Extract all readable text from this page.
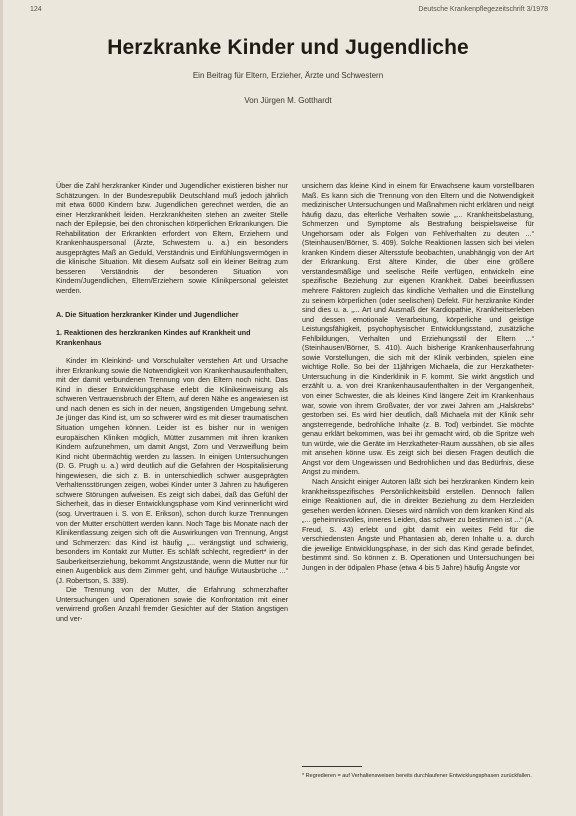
124	Deutsche Krankenpflegezeitschrift 3/1978
Herzkranke Kinder und Jugendliche
Ein Beitrag für Eltern, Erzieher, Ärzte und Schwestern
Von Jürgen M. Gotthardt

Über die Zahl herzkranker Kinder und Jugendlicher existieren bisher nur Schätzungen. In der Bundesrepublik Deutschland muß jedoch jährlich mit etwa 6000 Kindern bzw. Jugendlichen gerechnet werden, die an einer Herzkrankheit leiden. Herzkrankheiten stehen an zweiter Stelle nach der Epilepsie, bei den chronischen körperlichen Erkrankungen. Die Rehabilitation der Erkrankten erfordert von Eltern, Erziehern und Krankenhauspersonal (Ärzte, Schwestern u. a.) ein besonders ausgeprägtes Maß an Geduld, Verständnis und Einfühlungsvermögen in die klinische Situation. Mit diesem Aufsatz soll ein kleiner Beitrag zum besseren Verständnis der besonderen Situation von Kindern/Jugendlichen, Eltern/Erziehern sowie Klinikpersonal geleistet werden.

A. Die Situation herzkranker Kinder und Jugendlicher
1. Reaktionen des herzkranken Kindes auf Krankheit und Krankenhaus

Kinder im Kleinkind- und Vorschulalter verstehen Art und Ursache ihrer Erkrankung sowie die Notwendigkeit von Krankenhausaufenthalten, mit der damit verbundenen Trennung von den Eltern noch nicht. Das Kind in dieser Entwicklungsphase erlebt die Klinikeinweisung als schweren Vertrauensbruch der Eltern, auf deren Nähe es angewiesen ist und nach denen es sich in der neuen, ängstigenden Umgebung sehnt. Je jünger das Kind ist, um so schwerer wird es mit dieser traumatischen Situation umgehen können. Leider ist es bisher nur in wenigen europäischen Kliniken möglich, Mütter zusammen mit ihren kranken Kindern aufzunehmen, um damit Angst, Zorn und Verzweiflung beim Kind nicht übermächtig werden zu lassen. In einigen Untersuchungen (D. G. Prugh u. a.) wird deutlich auf die Gefahren der Hospitalisierung hingewiesen, die sich z. B. in unterschiedlich schwer ausgeprägten Verhaltensstörungen zeigen, wobei Kinder unter 3 Jahren zu häufigeren schwere Störungen aufweisen. Es zeigt sich dabei, daß das Gefühl der Sicherheit, das in dieser Entwicklungsphase vom Kind verinnerlicht wird (sog. Urvertrauen i. S. von E. Erikson), schon durch kurze Trennungen von der Mutter erschüttert werden kann. Noch Tage bis Monate nach der Klinikentlassung zeigen sich oft die Auswirkungen von Trennung, Angst und Schmerzen: das Kind ist häufig „... verängstigt und schwierig, besonders im Kontakt zur Mutter. Es schläft schlecht, regrediert* in der Sauberkeitserziehung, bekommt Angstzustände, wenn die Mutter nur für einen Augenblick aus dem Zimmer geht, und häufige Wutausbrüche ...“ (J. Robertson, S. 339).

Die Trennung von der Mutter, die Erfahrung schmerzhafter Untersuchungen und Operationen sowie die Konfrontation mit einer verwirrend großen Anzahl fremder Gesichter auf der Station ängstigen und ver-

unsichern das kleine Kind in einem für Erwachsene kaum vorstellbaren Maß. Es kann sich die Trennung von den Eltern und die Notwendigkeit medizinischer Untersuchungen und Maßnahmen nicht erklären und neigt häufig dazu, das elterliche Verhalten sowie „... Krankheitsbelastung, Schmerzen und Symptome als Bestrafung beispielsweise für Ungehorsam oder als Folgen von Fehlverhalten zu deuten ...“ (Steinhausen/Börner, S. 409). Solche Reaktionen lassen sich bei vielen kranken Kindern dieser Altersstufe beobachten, unabhängig von der Art der Erkrankung. Erst ältere Kinder, die über eine größere verstandesmäßige und seelische Reife verfügen, entwickeln eine spezifische Beziehung zur eigenen Krankheit. Dabei beeinflussen mehrere Faktoren zugleich das kindliche Verhalten und die Einstellung zu seinem körperlichen (oder seelischen) Defekt. Für herzkranke Kinder sind dies u. a. „... Art und Ausmaß der Kardiopathie, Krankheitserleben und dessen emotionale Verarbeitung, körperliche und geistige Leistungsfähigkeit, psychophysischer Entwicklungsstand, zusätzliche Fehlbildungen, Verhalten und Erziehungsstil der Eltern ...“ (Steinhausen/Börner, S. 410). Auch bisherige Krankenhauserfahrung sowie Vorstellungen, die sich mit der Klinik verbinden, spielen eine wichtige Rolle. So bei der 11jährigen Michaela, die zur Herzkatheter-Untersuchung in die Kinderklinik in F. kommt. Sie wirkt ängstlich und erzählt u. a. von drei Krankenhausaufenthalten in der Vergangenheit, von einer Schwester, die als kleines Kind längere Zeit im Krankenhaus war, sowie von ihrem Großvater, der vor zwei Jahren am „Halskrebs“ gestorben sei. Es wird hier deutlich, daß Michaela mit der Klinik sehr angsterregende, bedrohliche Inhalte (z. B. Tod) verbindet. Sie möchte genau erklärt bekommen, was bei ihr gemacht wird, ob die Spritze weh tun würde, wie die Geräte im Herzkatheter-Raum aussähen, ob sie alles mit ansehen könne usw. Es zeigt sich bei diesen Fragen deutlich die Angst vor dem Ungewissen und Bedrohlichen und das Bedürfnis, diese Angst zu mindern.

Nach Ansicht einiger Autoren läßt sich bei herzkranken Kindern kein krankheitsspezifisches Persönlichkeitsbild erstellen. Dennoch fallen einige Reaktionen auf, die in direkter Beziehung zu dem Herzleiden gesehen werden können. Dieses wird nämlich von dem kranken Kind als „... geheimnisvolles, inneres Leiden, das schwer zu bestimmen ist ...“ (A. Freud, S. 43) erlebt und gibt damit ein weites Feld für die verschiedensten Ängste und Phantasien ab, deren Inhalte u. a. durch die jeweilige Entwicklungsphase, in der sich das Kind gerade befindet, bestimmt sind. So können z. B. Operationen und Untersuchungen bei Jungen in der ödipalen Phase (etwa 4 bis 5 Jahre) häufig Ängste vor

* Regredieren = auf Verhaltensweisen bereits durchlaufener Entwicklungsphasen zurückfallen.
